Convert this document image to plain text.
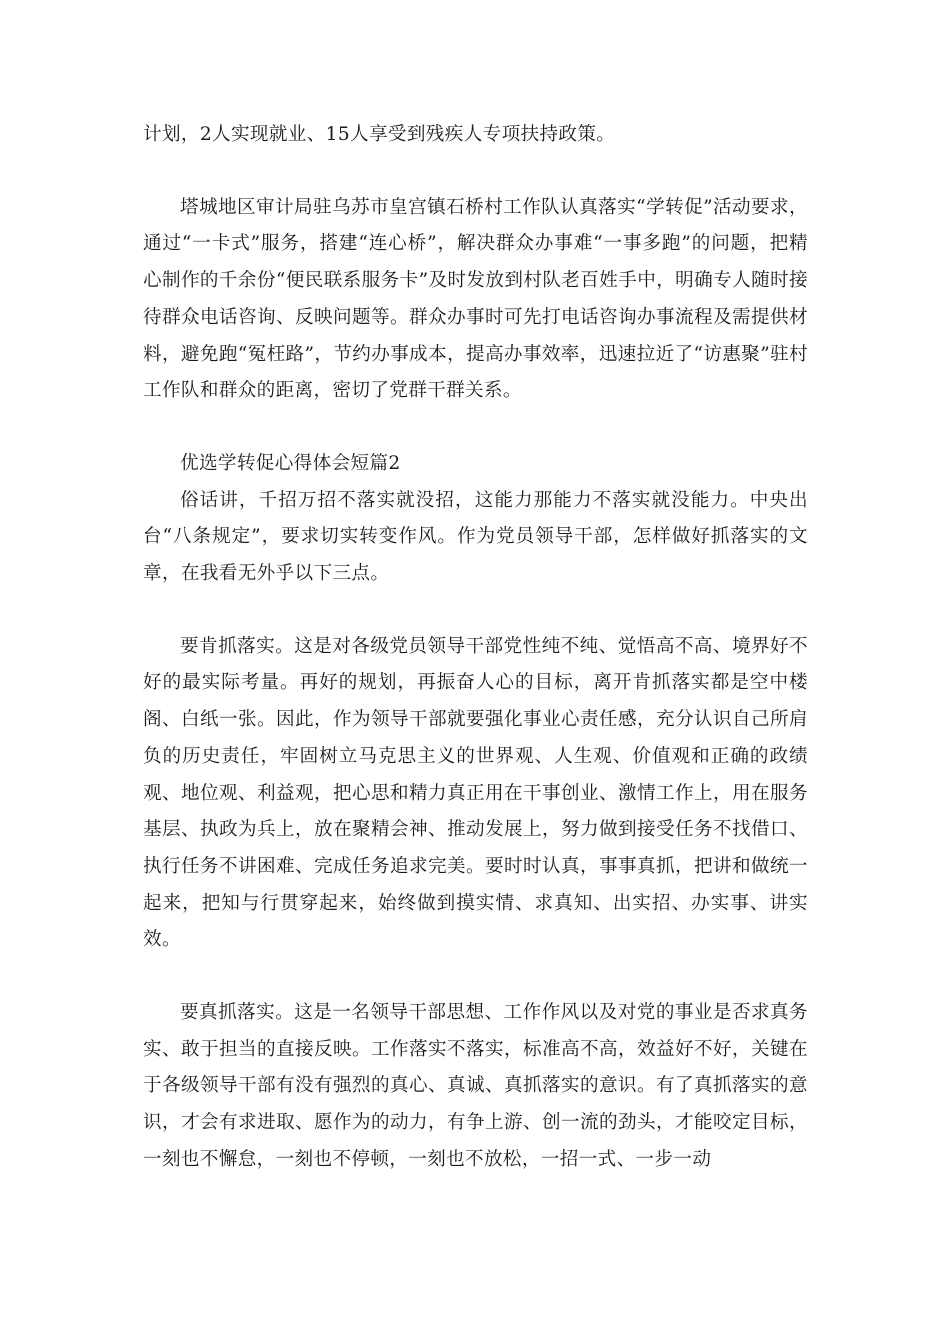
计划，2人实现就业、15人享受到残疾人专项扶持政策。

塔城地区审计局驻乌苏市皇宫镇石桥村工作队认真落实“学转促”活动要求，通过“一卡式”服务，搭建“连心桥”，解决群众办事难“一事多跑”的问题，把精心制作的千余份“便民联系服务卡”及时发放到村队老百姓手中，明确专人随时接待群众电话咨询、反映问题等。群众办事时可先打电话咨询办事流程及需提供材料，避免跑“冤枉路”，节约办事成本，提高办事效率，迅速拉近了“访惠聚”驻村工作队和群众的距离，密切了党群干群关系。

优选学转促心得体会短篇2

俗话讲，千招万招不落实就没招，这能力那能力不落实就没能力。中央出台“八条规定”，要求切实转变作风。作为党员领导干部，怎样做好抓落实的文章，在我看无外乎以下三点。

要肯抓落实。这是对各级党员领导干部党性纯不纯、觉悟高不高、境界好不好的最实际考量。再好的规划，再振奋人心的目标，离开肯抓落实都是空中楼阁、白纸一张。因此，作为领导干部就要强化事业心责任感，充分认识自己所肩负的历史责任，牢固树立马克思主义的世界观、人生观、价值观和正确的政绩观、地位观、利益观，把心思和精力真正用在干事创业、激情工作上，用在服务基层、执政为兵上，放在聚精会神、推动发展上，努力做到接受任务不找借口、执行任务不讲困难、完成任务追求完美。要时时认真，事事真抓，把讲和做统一起来，把知与行贯穿起来，始终做到摸实情、求真知、出实招、办实事、讲实效。

要真抓落实。这是一名领导干部思想、工作作风以及对党的事业是否求真务实、敢于担当的直接反映。工作落实不落实，标准高不高，效益好不好，关键在于各级领导干部有没有强烈的真心、真诚、真抓落实的意识。有了真抓落实的意识，才会有求进取、愿作为的动力，有争上游、创一流的劲头，才能咬定目标，一刻也不懈怠，一刻也不停顿，一刻也不放松，一招一式、一步一动
